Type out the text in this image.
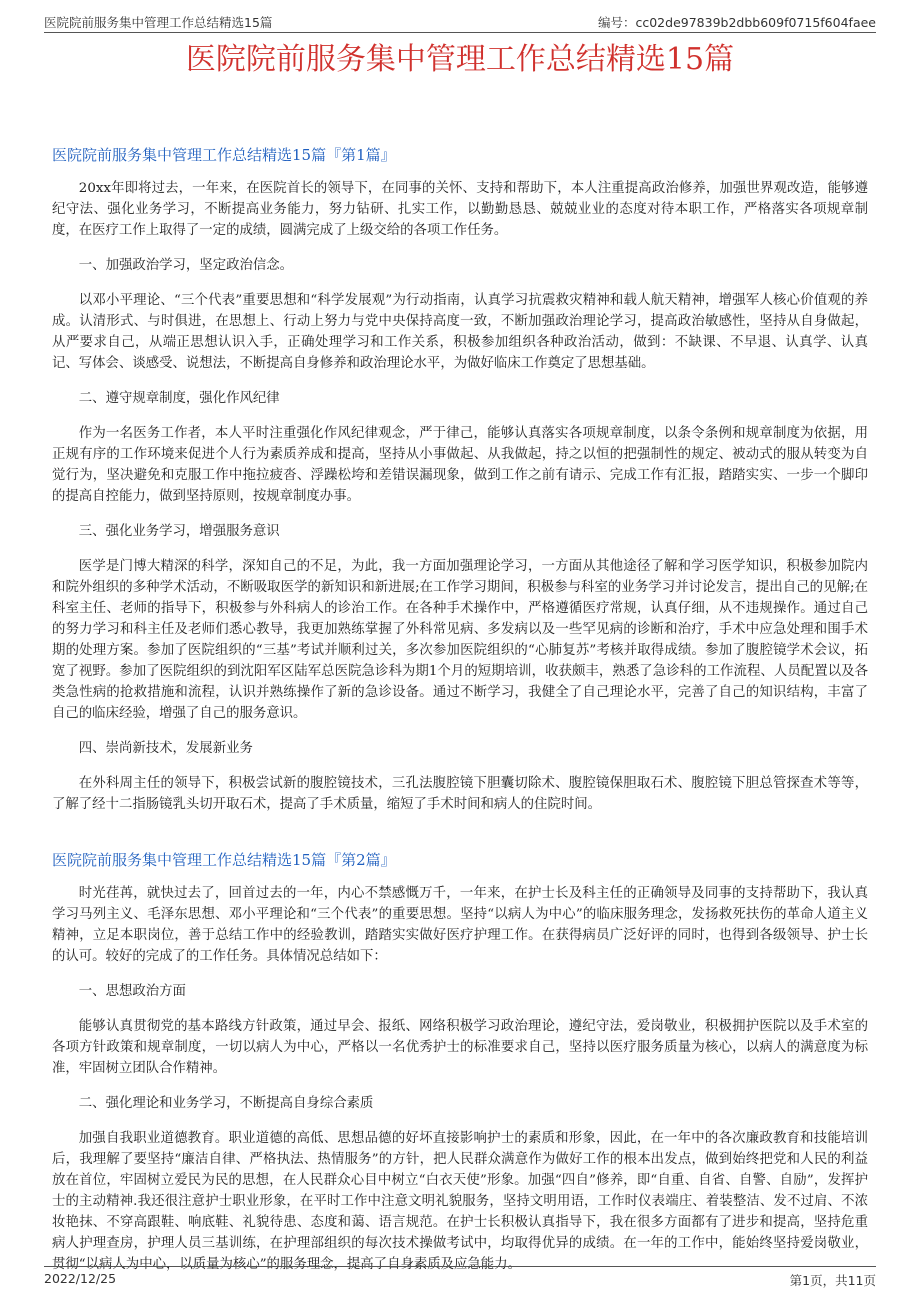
医院院前服务集中管理工作总结精选15篇	编号：cc02de97839b2dbb609f0715f604faee
医院院前服务集中管理工作总结精选15篇
医院院前服务集中管理工作总结精选15篇『第1篇』

20xx年即将过去，一年来，在医院首长的领导下，在同事的关怀、支持和帮助下，本人注重提高政治修养，加强世界观改造，能够遵纪守法、强化业务学习，不断提高业务能力，努力钻研、扎实工作，以勤勤恳恳、兢兢业业的态度对待本职工作，严格落实各项规章制度，在医疗工作上取得了一定的成绩，圆满完成了上级交给的各项工作任务。

一、加强政治学习，坚定政治信念。

以邓小平理论、“三个代表”重要思想和“科学发展观”为行动指南，认真学习抗震救灾精神和载人航天精神，增强军人核心价值观的养成。认清形式、与时俱进，在思想上、行动上努力与党中央保持高度一致，不断加强政治理论学习，提高政治敏感性，坚持从自身做起，从严要求自己，从端正思想认识入手，正确处理学习和工作关系，积极参加组织各种政治活动，做到：不缺课、不早退、认真学、认真记、写体会、谈感受、说想法，不断提高自身修养和政治理论水平，为做好临床工作奠定了思想基础。

二、遵守规章制度，强化作风纪律

作为一名医务工作者，本人平时注重强化作风纪律观念，严于律己，能够认真落实各项规章制度，以条令条例和规章制度为依据，用正规有序的工作环境来促进个人行为素质养成和提高，坚持从小事做起、从我做起，持之以恒的把强制性的规定、被动式的服从转变为自觉行为，坚决避免和克服工作中拖拉疲沓、浮躁松垮和差错误漏现象，做到工作之前有请示、完成工作有汇报，踏踏实实、一步一个脚印的提高自控能力，做到坚持原则，按规章制度办事。

三、强化业务学习，增强服务意识

医学是门博大精深的科学，深知自己的不足，为此，我一方面加强理论学习，一方面从其他途径了解和学习医学知识，积极参加院内和院外组织的多种学术活动，不断吸取医学的新知识和新进展;在工作学习期间，积极参与科室的业务学习并讨论发言，提出自己的见解;在科室主任、老师的指导下，积极参与外科病人的诊治工作。在各种手术操作中，严格遵循医疗常规，认真仔细，从不违规操作。通过自己的努力学习和科主任及老师们悉心教导，我更加熟练掌握了外科常见病、多发病以及一些罕见病的诊断和治疗，手术中应急处理和围手术期的处理方案。参加了医院组织的“三基”考试并顺利过关，多次参加医院组织的“心肺复苏”考核并取得成绩。参加了腹腔镜学术会议，拓宽了视野。参加了医院组织的到沈阳军区陆军总医院急诊科为期1个月的短期培训，收获颇丰，熟悉了急诊科的工作流程、人员配置以及各类急性病的抢救措施和流程，认识并熟练操作了新的急诊设备。通过不断学习，我健全了自己理论水平，完善了自己的知识结构，丰富了自己的临床经验，增强了自己的服务意识。

四、崇尚新技术，发展新业务

在外科周主任的领导下，积极尝试新的腹腔镜技术，三孔法腹腔镜下胆囊切除术、腹腔镜保胆取石术、腹腔镜下胆总管探查术等等，了解了经十二指肠镜乳头切开取石术，提高了手术质量，缩短了手术时间和病人的住院时间。

医院院前服务集中管理工作总结精选15篇『第2篇』

时光荏苒，就快过去了，回首过去的一年，内心不禁感慨万千，一年来，在护士长及科主任的正确领导及同事的支持帮助下，我认真学习马列主义、毛泽东思想、邓小平理论和“三个代表”的重要思想。坚持“以病人为中心”的临床服务理念，发扬救死扶伤的革命人道主义精神，立足本职岗位，善于总结工作中的经验教训，踏踏实实做好医疗护理工作。在获得病员广泛好评的同时，也得到各级领导、护士长的认可。较好的完成了的工作任务。具体情况总结如下：

一、思想政治方面

能够认真贯彻党的基本路线方针政策，通过早会、报纸、网络积极学习政治理论，遵纪守法，爱岗敬业，积极拥护医院以及手术室的各项方针政策和规章制度，一切以病人为中心，严格以一名优秀护士的标准要求自己，坚持以医疗服务质量为核心，以病人的满意度为标准，牢固树立团队合作精神。

二、强化理论和业务学习，不断提高自身综合素质

加强自我职业道德教育。职业道德的高低、思想品德的好坏直接影响护士的素质和形象，因此，在一年中的各次廉政教育和技能培训后，我理解了要坚持“廉洁自律、严格执法、热情服务”的方针，把人民群众满意作为做好工作的根本出发点，做到始终把党和人民的利益放在首位，牢固树立爱民为民的思想，在人民群众心目中树立“白衣天使”形象。加强“四自”修养，即“自重、自省、自警、自励”，发挥护士的主动精神.我还很注意护士职业形象，在平时工作中注意文明礼貌服务，坚持文明用语，工作时仪表端庄、着装整洁、发不过肩、不浓妆艳抹、不穿高跟鞋、响底鞋、礼貌待患、态度和蔼、语言规范。在护士长积极认真指导下，我在很多方面都有了进步和提高，坚持危重病人护理查房，护理人员三基训练，在护理部组织的每次技术操做考试中，均取得优异的成绩。在一年的工作中，能始终坚持爱岗敬业，贯彻“以病人为中心，以质量为核心”的服务理念，提高了自身素质及应急能力。

2022/12/25	第1页，共11页
